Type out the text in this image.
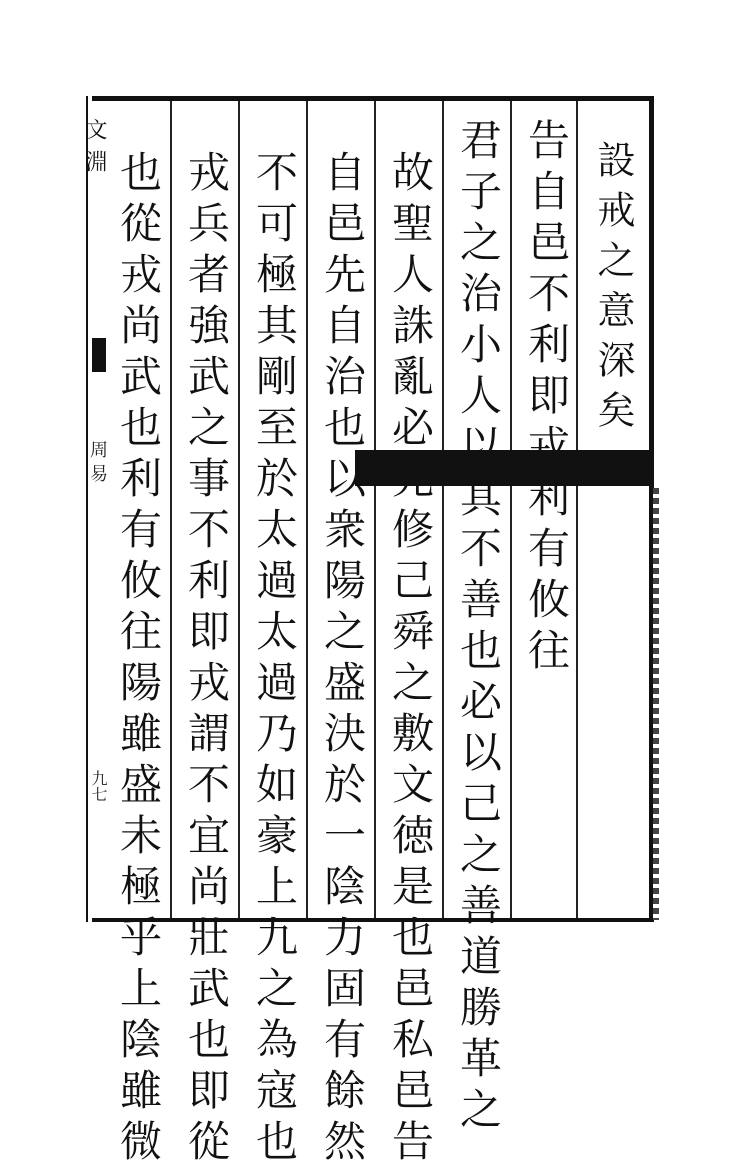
文淵
周易
九七
設戒之意深矣
告自邑不利即戎利有攸往
君子之治小人以其不善也必以己之善道勝革之
故聖人誅亂必先修己舜之敷文徳是也邑私邑告
自邑先自治也以衆陽之盛決於一陰力固有餘然
不可極其剛至於太過太過乃如豪上九之為寇也
戎兵者強武之事不利即戎謂不宜尚壯武也即從
也從戎尚武也利有攸往陽雖盛未極乎上陰雖微
